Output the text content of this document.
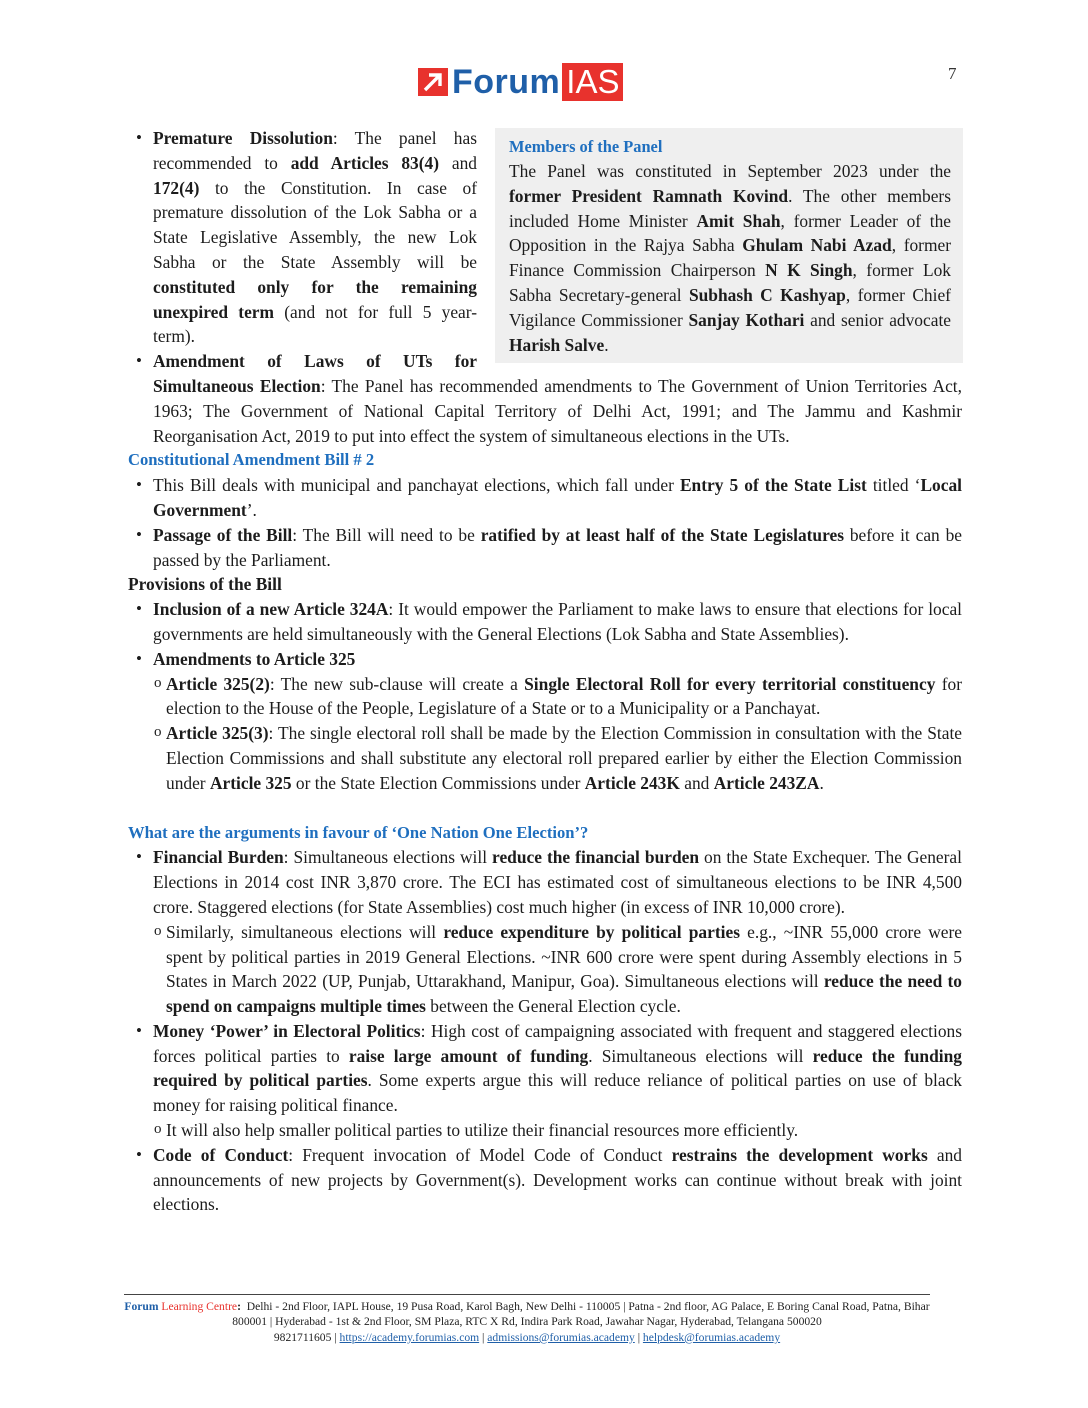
Forum IAS	7
Members of the Panel
The Panel was constituted in September 2023 under the former President Ramnath Kovind. The other members included Home Minister Amit Shah, former Leader of the Opposition in the Rajya Sabha Ghulam Nabi Azad, former Finance Commission Chairperson N K Singh, former Lok Sabha Secretary-general Subhash C Kashyap, former Chief Vigilance Commissioner Sanjay Kothari and senior advocate Harish Salve.
• Premature Dissolution: The panel has recommended to add Articles 83(4) and 172(4) to the Constitution. In case of premature dissolution of the Lok Sabha or a State Legislative Assembly, the new Lok Sabha or the State Assembly will be constituted only for the remaining unexpired term (and not for full 5 year-term).
• Amendment of Laws of UTs for Simultaneous Election: The Panel has recommended amendments to The Government of Union Territories Act, 1963; The Government of National Capital Territory of Delhi Act, 1991; and The Jammu and Kashmir Reorganisation Act, 2019 to put into effect the system of simultaneous elections in the UTs.
Constitutional Amendment Bill # 2
• This Bill deals with municipal and panchayat elections, which fall under Entry 5 of the State List titled ‘Local Government’.
• Passage of the Bill: The Bill will need to be ratified by at least half of the State Legislatures before it can be passed by the Parliament.
Provisions of the Bill
• Inclusion of a new Article 324A: It would empower the Parliament to make laws to ensure that elections for local governments are held simultaneously with the General Elections (Lok Sabha and State Assemblies).
• Amendments to Article 325
o Article 325(2): The new sub-clause will create a Single Electoral Roll for every territorial constituency for election to the House of the People, Legislature of a State or to a Municipality or a Panchayat.
o Article 325(3): The single electoral roll shall be made by the Election Commission in consultation with the State Election Commissions and shall substitute any electoral roll prepared earlier by either the Election Commission under Article 325 or the State Election Commissions under Article 243K and Article 243ZA.
What are the arguments in favour of ‘One Nation One Election’?
• Financial Burden: Simultaneous elections will reduce the financial burden on the State Exchequer. The General Elections in 2014 cost INR 3,870 crore. The ECI has estimated cost of simultaneous elections to be INR 4,500 crore. Staggered elections (for State Assemblies) cost much higher (in excess of INR 10,000 crore).
o Similarly, simultaneous elections will reduce expenditure by political parties e.g., ~INR 55,000 crore were spent by political parties in 2019 General Elections. ~INR 600 crore were spent during Assembly elections in 5 States in March 2022 (UP, Punjab, Uttarakhand, Manipur, Goa). Simultaneous elections will reduce the need to spend on campaigns multiple times between the General Election cycle.
• Money ‘Power’ in Electoral Politics: High cost of campaigning associated with frequent and staggered elections forces political parties to raise large amount of funding. Simultaneous elections will reduce the funding required by political parties. Some experts argue this will reduce reliance of political parties on use of black money for raising political finance.
o It will also help smaller political parties to utilize their financial resources more efficiently.
• Code of Conduct: Frequent invocation of Model Code of Conduct restrains the development works and announcements of new projects by Government(s). Development works can continue without break with joint elections.
Forum Learning Centre: Delhi - 2nd Floor, IAPL House, 19 Pusa Road, Karol Bagh, New Delhi - 110005 | Patna - 2nd floor, AG Palace, E Boring Canal Road, Patna, Bihar 800001 | Hyderabad - 1st & 2nd Floor, SM Plaza, RTC X Rd, Indira Park Road, Jawahar Nagar, Hyderabad, Telangana 500020
9821711605 | https://academy.forumias.com | admissions@forumias.academy | helpdesk@forumias.academy
